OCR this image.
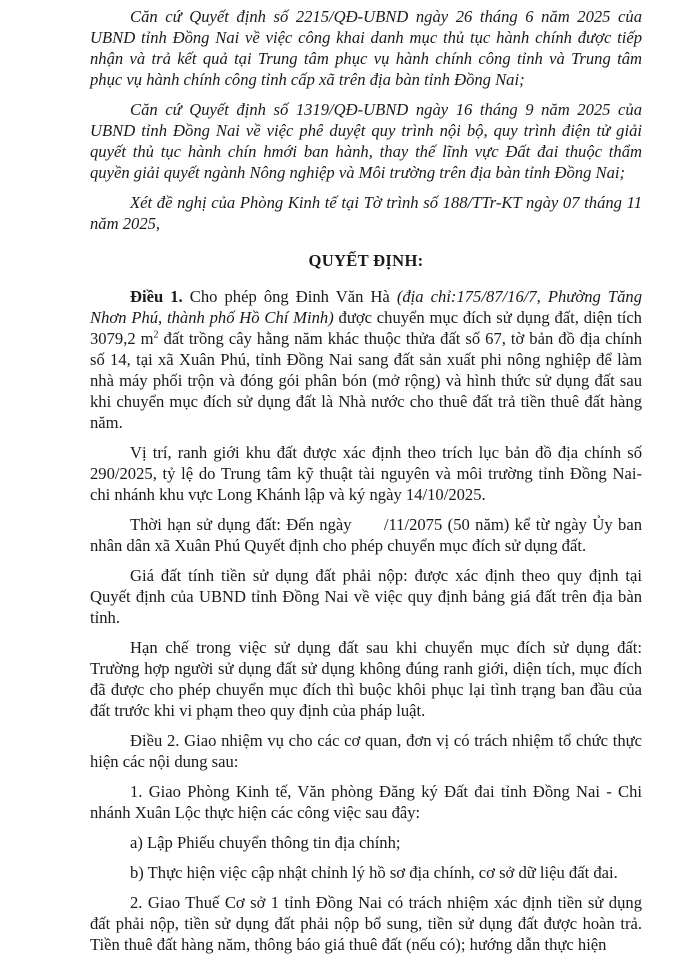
Căn cứ Quyết định số 2215/QĐ-UBND ngày 26 tháng 6 năm 2025 của UBND tỉnh Đồng Nai về việc công khai danh mục thủ tục hành chính được tiếp nhận và trả kết quả tại Trung tâm phục vụ hành chính công tỉnh và Trung tâm phục vụ hành chính công tỉnh cấp xã trên địa bàn tỉnh Đồng Nai;

Căn cứ Quyết định số 1319/QĐ-UBND ngày 16 tháng 9 năm 2025 của UBND tỉnh Đồng Nai về việc phê duyệt quy trình nội bộ, quy trình điện tử giải quyết thủ tục hành chín hmới ban hành, thay thế lĩnh vực Đất đai thuộc thẩm quyền giải quyết ngành Nông nghiệp và Môi trường trên địa bàn tỉnh Đồng Nai;

Xét đề nghị của Phòng Kinh tế tại Tờ trình số 188/TTr-KT ngày 07 tháng 11 năm 2025,

QUYẾT ĐỊNH:

Điều 1. Cho phép ông Đinh Văn Hà (địa chỉ:175/87/16/7, Phường Tăng Nhơn Phú, thành phố Hồ Chí Minh) được chuyển mục đích sử dụng đất, diện tích 3079,2 $m^2$ đất trồng cây hằng năm khác thuộc thửa đất số 67, tờ bản đồ địa chính số 14, tại xã Xuân Phú, tỉnh Đồng Nai sang đất sản xuất phi nông nghiệp để làm nhà máy phối trộn và đóng gói phân bón (mở rộng) và hình thức sử dụng đất sau khi chuyển mục đích sử dụng đất là Nhà nước cho thuê đất trả tiền thuê đất hàng năm.

Vị trí, ranh giới khu đất được xác định theo trích lục bản đồ địa chính số 290/2025, tỷ lệ do Trung tâm kỹ thuật tài nguyên và môi trường tỉnh Đồng Nai- chi nhánh khu vực Long Khánh lập và ký ngày 14/10/2025.

Thời hạn sử dụng đất: Đến ngày      /11/2075 (50 năm) kể từ ngày Ủy ban nhân dân xã Xuân Phú Quyết định cho phép chuyển mục đích sử dụng đất.

Giá đất tính tiền sử dụng đất phải nộp: được xác định theo quy định tại Quyết định của UBND tỉnh Đồng Nai về việc quy định bảng giá đất trên địa bàn tỉnh.

Hạn chế trong việc sử dụng đất sau khi chuyển mục đích sử dụng đất: Trường hợp người sử dụng đất sử dụng không đúng ranh giới, diện tích, mục đích đã được cho phép chuyển mục đích thì buộc khôi phục lại tình trạng ban đầu của đất trước khi vi phạm theo quy định của pháp luật.

Điều 2. Giao nhiệm vụ cho các cơ quan, đơn vị có trách nhiệm tổ chức thực hiện các nội dung sau:

1. Giao Phòng Kinh tế, Văn phòng Đăng ký Đất đai tỉnh Đồng Nai - Chi nhánh Xuân Lộc thực hiện các công việc sau đây:

a) Lập Phiếu chuyển thông tin địa chính;

b) Thực hiện việc cập nhật chỉnh lý hồ sơ địa chính, cơ sở dữ liệu đất đai.

2. Giao Thuế Cơ sở 1 tỉnh Đồng Nai có trách nhiệm xác định tiền sử dụng đất phải nộp, tiền sử dụng đất phải nộp bổ sung, tiền sử dụng đất được hoàn trả. Tiền thuê đất hàng năm, thông báo giá thuê đất (nếu có); hướng dẫn thực hiện
